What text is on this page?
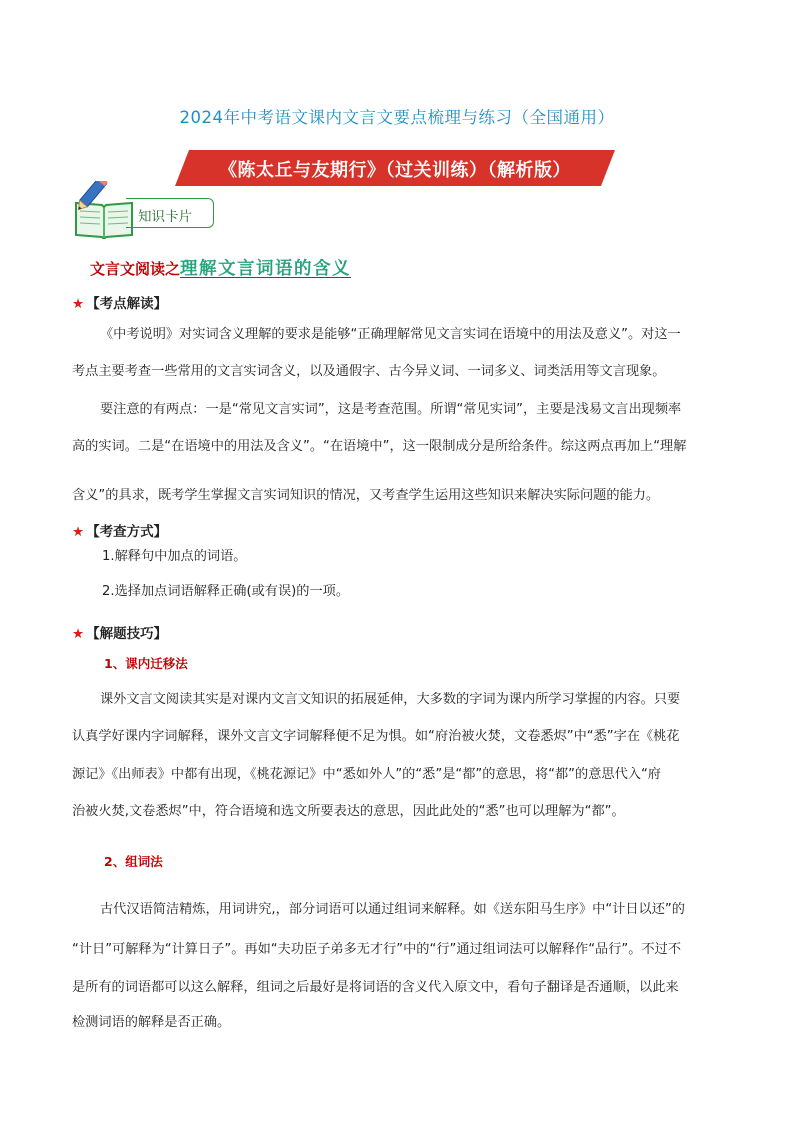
2024年中考语文课内文言文要点梳理与练习（全国通用）
《陈太丘与友期行》（过关训练）（解析版）
知识卡片
文言文阅读之理解文言词语的含义
★ 【考点解读】
《中考说明》对实词含义理解的要求是能够“正确理解常见文言实词在语境中的用法及意义”。对这一
考点主要考查一些常用的文言实词含义，以及通假字、古今异义词、一词多义、词类活用等文言现象。
要注意的有两点：一是“常见文言实词”，这是考查范围。所谓“常见实词”，主要是浅易文言出现频率
高的实词。二是“在语境中的用法及含义”。“在语境中”，这一限制成分是所给条件。综这两点再加上“理解
含义”的具求，既考学生掌握文言实词知识的情况，又考查学生运用这些知识来解决实际问题的能力。
★ 【考查方式】
1.解释句中加点的词语。
2.选择加点词语解释正确(或有误)的一项。
★ 【解题技巧】
1、课内迁移法
课外文言文阅读其实是对课内文言文知识的拓展延伸，大多数的字词为课内所学习掌握的内容。只要
认真学好课内字词解释，课外文言文字词解释便不足为惧。如“府治被火焚，文卷悉烬”中“悉”字在《桃花
源记》《出师表》中都有出现，《桃花源记》中“悉如外人”的“悉”是“都”的意思，将“都”的意思代入“府
治被火焚,文卷悉烬”中，符合语境和选文所要表达的意思，因此此处的“悉”也可以理解为“都”。
2、组词法
古代汉语简洁精炼，用词讲究,，部分词语可以通过组词来解释。如《送东阳马生序》中“计日以还”的
“计日”可解释为“计算日子”。再如“夫功臣子弟多无才行”中的“行”通过组词法可以解释作“品行”。不过不
是所有的词语都可以这么解释，组词之后最好是将词语的含义代入原文中，看句子翻译是否通顺，以此来
检测词语的解释是否正确。
